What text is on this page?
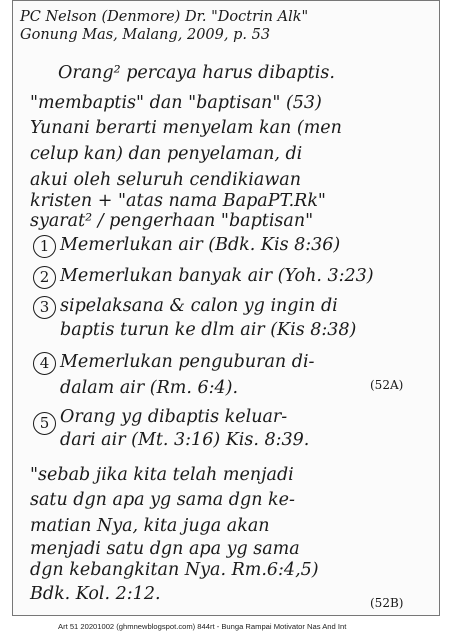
PC Nelson (Denmore) Dr. "Doctrin Alk"
Gonung Mas, Malang, 2009, p. 53
Orang² percaya harus dibaptis.
"membaptis" dan "baptisan" (53)
Yunani berarti menyelam kan (men
celup kan) dan penyelaman, di
akui oleh seluruh cendikiawan
kristen + "atas nama BapaPT.Rk"
syarat² / pengerhaan "baptisan"
1 Memerlukan air (Bdk. Kis 8:36)
2 Memerlukan banyak air (Yoh. 3:23)
3 sipelaksana & calon yg ingin di
baptis turun ke dlm air (Kis 8:38)
4 Memerlukan penguburan di-
dalam air (Rm. 6:4).	(52A)
5 Orang yg dibaptis keluar-
dari air (Mt. 3:16) Kis. 8:39.
"sebab jika kita telah menjadi
satu dgn apa yg sama dgn ke-
matian Nya, kita juga akan
menjadi satu dgn apa yg sama
dgn kebangkitan Nya. Rm.6:4,5)
Bdk. Kol. 2:12.	(52B)
Art 51 20201002 (ghmnewblogspot.com) 844rt - Bunga Rampai Motivator Nas And Int
